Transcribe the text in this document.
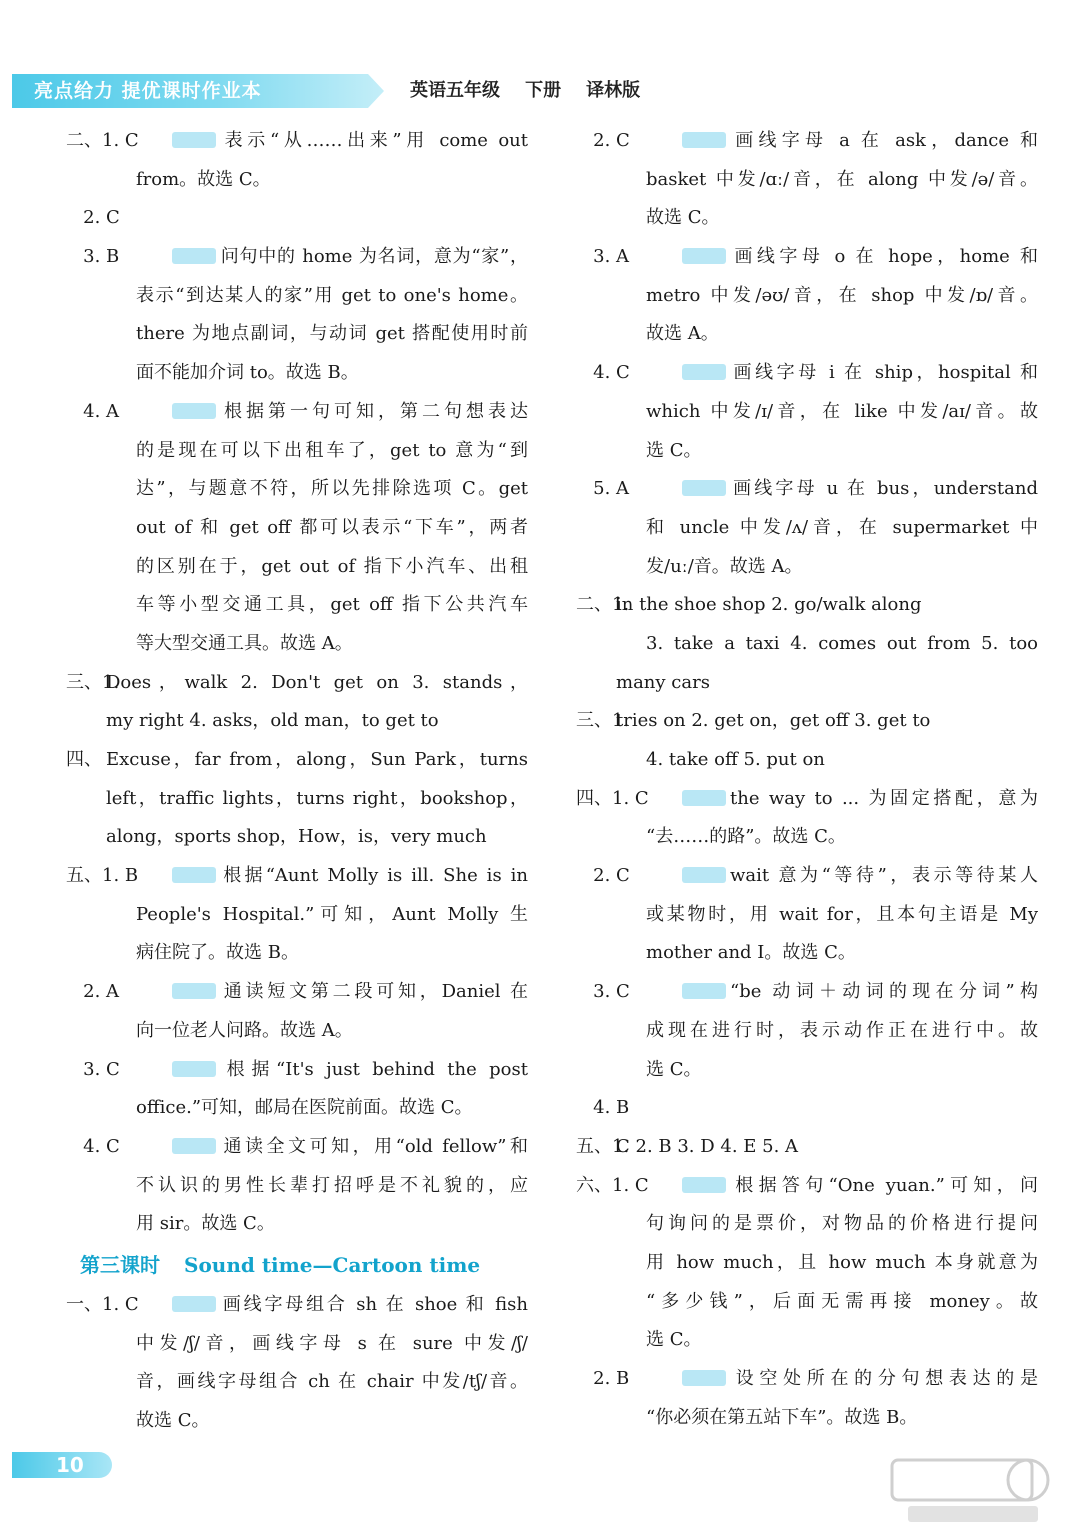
亮点给力 提优课时作业本	英语五年级    下册    译林版
二、1. C	表示“从……出来”用 come out
from。故选 C。
2. C
3. B	问句中的 home 为名词，意为“家”，
表示“到达某人的家”用 get to one's home。
there 为地点副词，与动词 get 搭配使用时前
面不能加介词 to。故选 B。
4. A	根据第一句可知，第二句想表达
的是现在可以下出租车了，get to 意为“到
达”，与题意不符，所以先排除选项 C。get
out of 和 get off 都可以表示“下车”，两者
的区别在于，get out of 指下小汽车、出租
车等小型交通工具，get off 指下公共汽车
等大型交通工具。故选 A。
三、1.
Does，walk 2. Don't get on 3. stands，
my right 4. asks，old man，to get to
四、 Excuse，far from，along，Sun Park，turns
left，traffic lights，turns right，bookshop，
along，sports shop，How，is，very much
五、1. B	根据“Aunt Molly is ill. She is in
People's Hospital.”可知，Aunt Molly 生
病住院了。故选 B。
2. A	通读短文第二段可知，Daniel 在
向一位老人问路。故选 A。
3. C	根据“It's just behind the post
office.”可知，邮局在医院前面。故选 C。
4. C	通读全文可知，用“old fellow”和
不认识的男性长辈打招呼是不礼貌的，应
用 sir。故选 C。
第三课时 Sound time—Cartoon time
一、1. C	画线字母组合 sh 在 shoe 和 fish
中发/ʃ/音，画线字母 s 在 sure 中发/ʃ/
音，画线字母组合 ch 在 chair 中发/tʃ/音。
故选 C。
2. C	画线字母 a 在 ask，dance 和
basket 中发/ɑː/音，在 along 中发/ə/音。
故选 C。
3. A	画线字母 o 在 hope，home 和
metro 中发/əʊ/音，在 shop 中发/ɒ/音。
故选 A。
4. C	画线字母 i 在 ship，hospital 和
which 中发/ɪ/音，在 like 中发/aɪ/音。故
选 C。
5. A	画线字母 u 在 bus，understand
和 uncle 中发/ʌ/音，在 supermarket 中
发/uː/音。故选 A。
二、1.
in the shoe shop 2. go/walk along
3. take a taxi 4. comes out from 5. too
many cars
三、1.
tries on 2. get on，get off 3. get to
4. take off 5. put on
四、1. C	the way to ... 为固定搭配，意为
“去……的路”。故选 C。
2. C	wait 意为“等待”，表示等待某人
或某物时，用 wait for，且本句主语是 My
mother and I。故选 C。
3. C	“be 动词＋动词的现在分词”构
成现在进行时，表示动作正在进行中。故
选 C。
4. B
五、1.
C 2. B 3. D 4. E 5. A
六、1. C	根据答句“One yuan.”可知，问
句询问的是票价，对物品的价格进行提问
用 how much，且 how much 本身就意为
“多少钱”，后面无需再接 money。故
选 C。
2. B	设空处所在的分句想表达的是
“你必须在第五站下车”。故选 B。
10
